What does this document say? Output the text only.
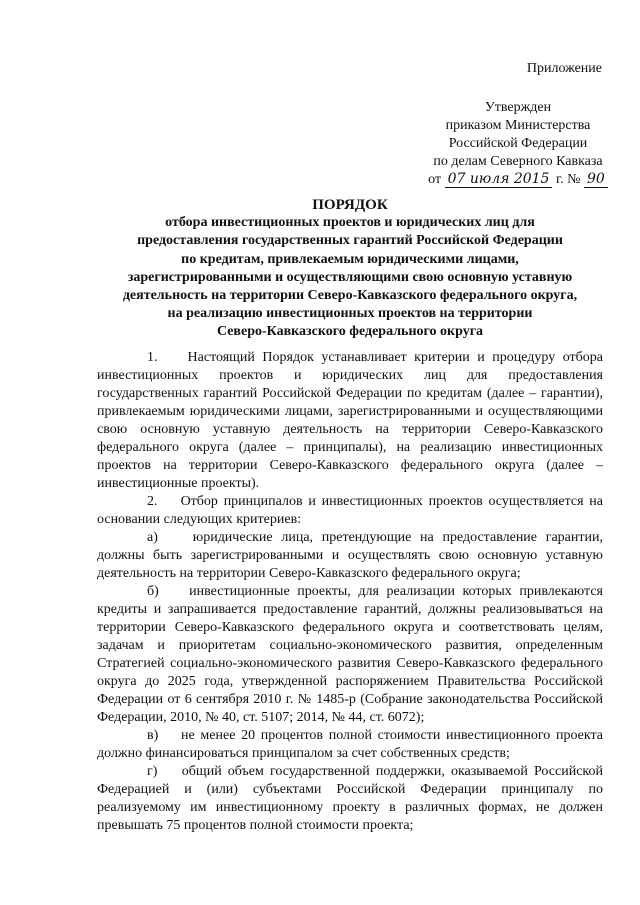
Приложение
Утвержден
приказом Министерства
Российской Федерации
по делам Северного Кавказа
от 07 июля 2015 г. № 90
ПОРЯДОК
отбора инвестиционных проектов и юридических лиц для
предоставления государственных гарантий Российской Федерации
по кредитам, привлекаемым юридическими лицами,
зарегистрированными и осуществляющими свою основную уставную
деятельность на территории Северо-Кавказского федерального округа,
на реализацию инвестиционных проектов на территории
Северо-Кавказского федерального округа

1.    Настоящий Порядок устанавливает критерии и процедуру отбора инвестиционных проектов и юридических лиц для предоставления государственных гарантий Российской Федерации по кредитам (далее – гарантии), привлекаемым юридическими лицами, зарегистрированными и осуществляющими свою основную уставную деятельность на территории Северо-Кавказского федерального округа (далее – принципалы), на реализацию инвестиционных проектов на территории Северо-Кавказского федерального округа (далее – инвестиционные проекты).

2.    Отбор принципалов и инвестиционных проектов осуществляется на основании следующих критериев:

а)    юридические лица, претендующие на предоставление гарантии, должны быть зарегистрированными и осуществлять свою основную уставную деятельность на территории Северо-Кавказского федерального округа;

б)    инвестиционные проекты, для реализации которых привлекаются кредиты и запрашивается предоставление гарантий, должны реализовываться на территории Северо-Кавказского федерального округа и соответствовать целям, задачам и приоритетам социально-экономического развития, определенным Стратегией социально-экономического развития Северо-Кавказского федерального округа до 2025 года, утвержденной распоряжением Правительства Российской Федерации от 6 сентября 2010 г. № 1485-р (Собрание законодательства Российской Федерации, 2010, № 40, ст. 5107; 2014, № 44, ст. 6072);

в)    не менее 20 процентов полной стоимости инвестиционного проекта должно финансироваться принципалом за счет собственных средств;

г)    общий объем государственной поддержки, оказываемой Российской Федерацией и (или) субъектами Российской Федерации принципалу по реализуемому им инвестиционному проекту в различных формах, не должен превышать 75 процентов полной стоимости проекта;
